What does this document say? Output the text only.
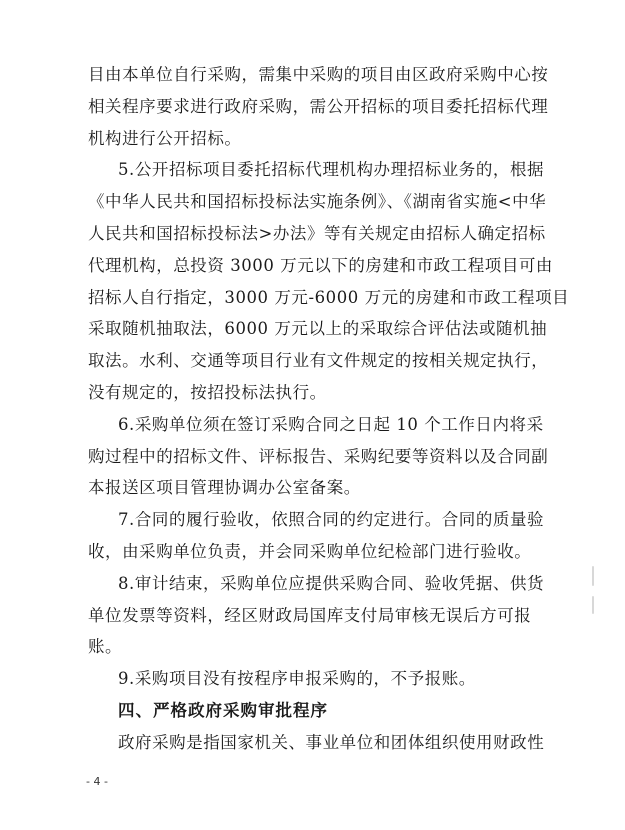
目由本单位自行采购，需集中采购的项目由区政府采购中心按
相关程序要求进行政府采购，需公开招标的项目委托招标代理
机构进行公开招标。
5.公开招标项目委托招标代理机构办理招标业务的，根据
《中华人民共和国招标投标法实施条例》、《湖南省实施<中华
人民共和国招标投标法>办法》等有关规定由招标人确定招标
代理机构，总投资 3000 万元以下的房建和市政工程项目可由
招标人自行指定，3000 万元-6000 万元的房建和市政工程项目
采取随机抽取法，6000 万元以上的采取综合评估法或随机抽
取法。水利、交通等项目行业有文件规定的按相关规定执行，
没有规定的，按招投标法执行。
6.采购单位须在签订采购合同之日起 10 个工作日内将采
购过程中的招标文件、评标报告、采购纪要等资料以及合同副
本报送区项目管理协调办公室备案。
7.合同的履行验收，依照合同的约定进行。合同的质量验
收，由采购单位负责，并会同采购单位纪检部门进行验收。
8.审计结束，采购单位应提供采购合同、验收凭据、供货
单位发票等资料，经区财政局国库支付局审核无误后方可报
账。
9.采购项目没有按程序申报采购的，不予报账。
四、严格政府采购审批程序
政府采购是指国家机关、事业单位和团体组织使用财政性
- 4 -
